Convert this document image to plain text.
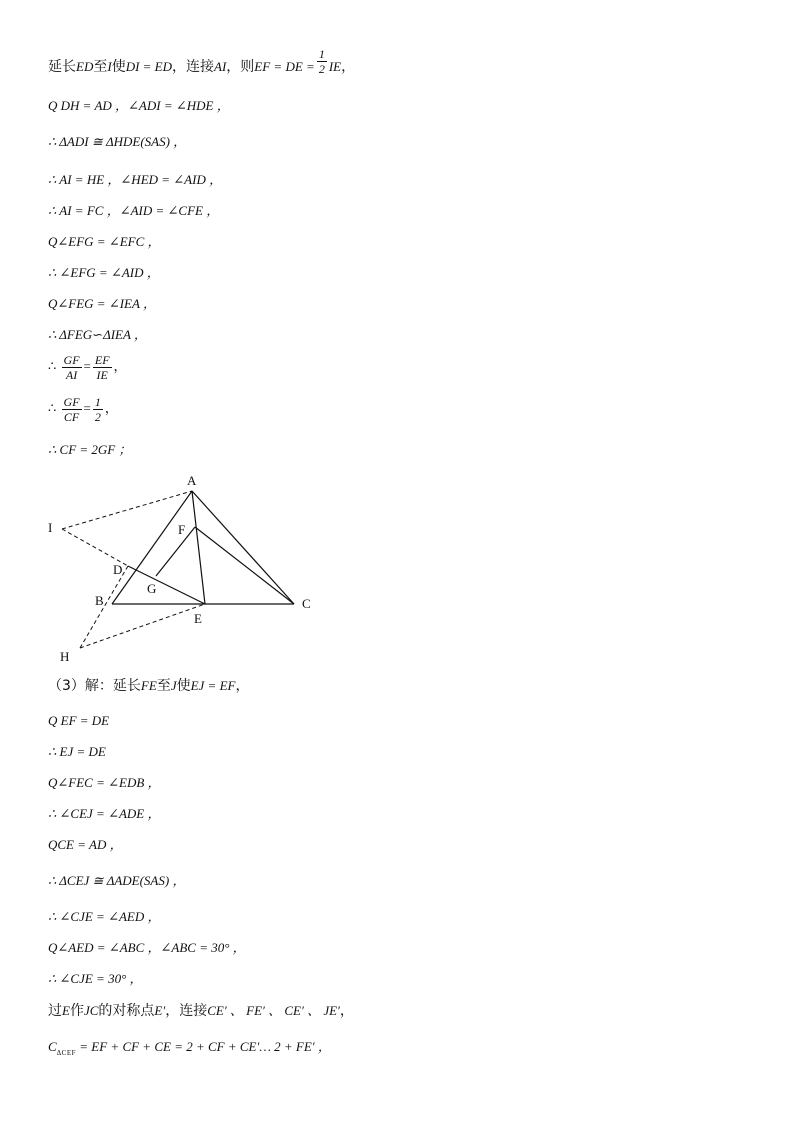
延长ED至I使DI = ED，连接AI，则EF = DE = $\frac{1}{2}$ IE，
Q DH = AD ，∠ADI = ∠HDE ，
∴ ΔADI ≅ ΔHDE(SAS) ，
∴ AI = HE ，∠HED = ∠AID ，
∴ AI = FC ，∠AID = ∠CFE ，
Q∠EFG = ∠EFC ，
∴ ∠EFG = ∠AID ，
Q∠FEG = ∠IEA ，
∴ ΔFEG∽ΔIEA ，
∴ $\frac{GF}{AI} = \frac{EF}{IE}$ ，
∴ $\frac{GF}{CF} = \frac{1}{2}$ ，
∴ CF = 2GF ；
A
F
I
D
G
B
E
C
H
（3）解：延长FE至J使EJ = EF，
Q EF = DE
∴ EJ = DE
Q∠FEC = ∠EDB ，
∴ ∠CEJ = ∠ADE ，
QCE = AD ，
∴ ΔCEJ ≅ ΔADE(SAS) ，
∴ ∠CJE = ∠AED ，
Q∠AED = ∠ABC ，∠ABC = 30° ，
∴ ∠CJE = 30° ，
过E作JC的对称点E′，连接CE′ 、 FE′ 、 CE′ 、 JE′，
$C_{\Delta CEF}$ = EF + CF + CE = 2 + CF + CE′… 2 + FE′ ，
